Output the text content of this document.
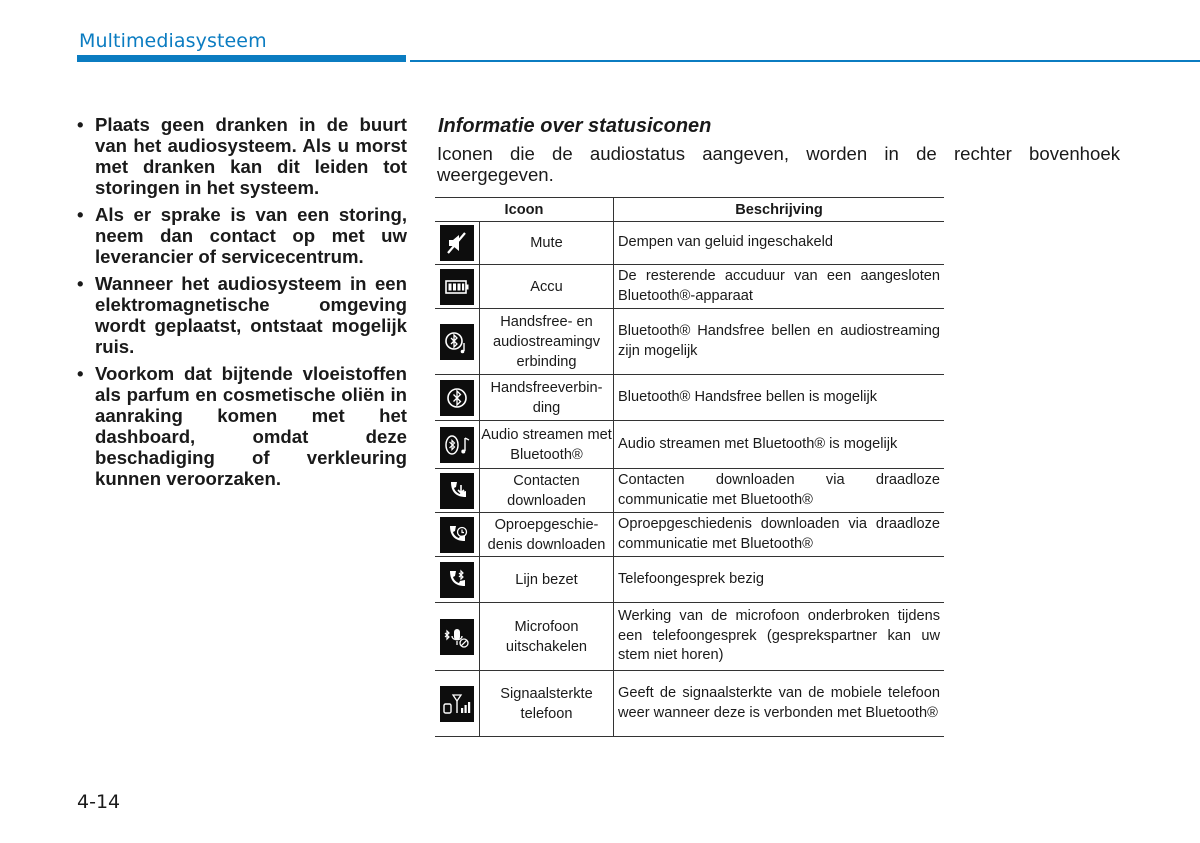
Multimediasysteem
• Plaats geen dranken in de buurt van het audiosysteem. Als u morst met dranken kan dit leiden tot storingen in het systeem.
• Als er sprake is van een storing, neem dan contact op met uw leverancier of servicecentrum.
• Wanneer het audiosysteem in een elektromagnetische omgeving wordt geplaatst, ontstaat mogelijk ruis.
• Voorkom dat bijtende vloeistoffen als parfum en cosmetische oliën in aanraking komen met het dashboard, omdat deze beschadiging of verkleuring kunnen veroorzaken.

Informatie over statusiconen

Iconen die de audiostatus aangeven, worden in de rechter bovenhoek weergegeven.

Icoon		Beschrijving

	Mute	Dempen van geluid ingeschakeld

	Accu	De resterende accuduur van een aangesloten Bluetooth®-apparaat

	Handsfree- en audiostreamingv erbinding	Bluetooth® Handsfree bellen en audiostreaming zijn mogelijk

	Handsfreeverbin-ding	Bluetooth® Handsfree bellen is mogelijk

	Audio streamen met Bluetooth®	Audio streamen met Bluetooth® is mogelijk

	Contacten downloaden	Contacten downloaden via draadloze communicatie met Bluetooth®

	Oproepgeschie-denis downloaden	Oproepgeschiedenis downloaden via draadloze communicatie met Bluetooth®

	Lijn bezet	Telefoongesprek bezig

	Microfoon uitschakelen	Werking van de microfoon onderbroken tijdens een telefoongesprek (gesprekspartner kan uw stem niet horen)

	Signaalsterkte telefoon	Geeft de signaalsterkte van de mobiele telefoon weer wanneer deze is verbonden met Bluetooth®
4-14
